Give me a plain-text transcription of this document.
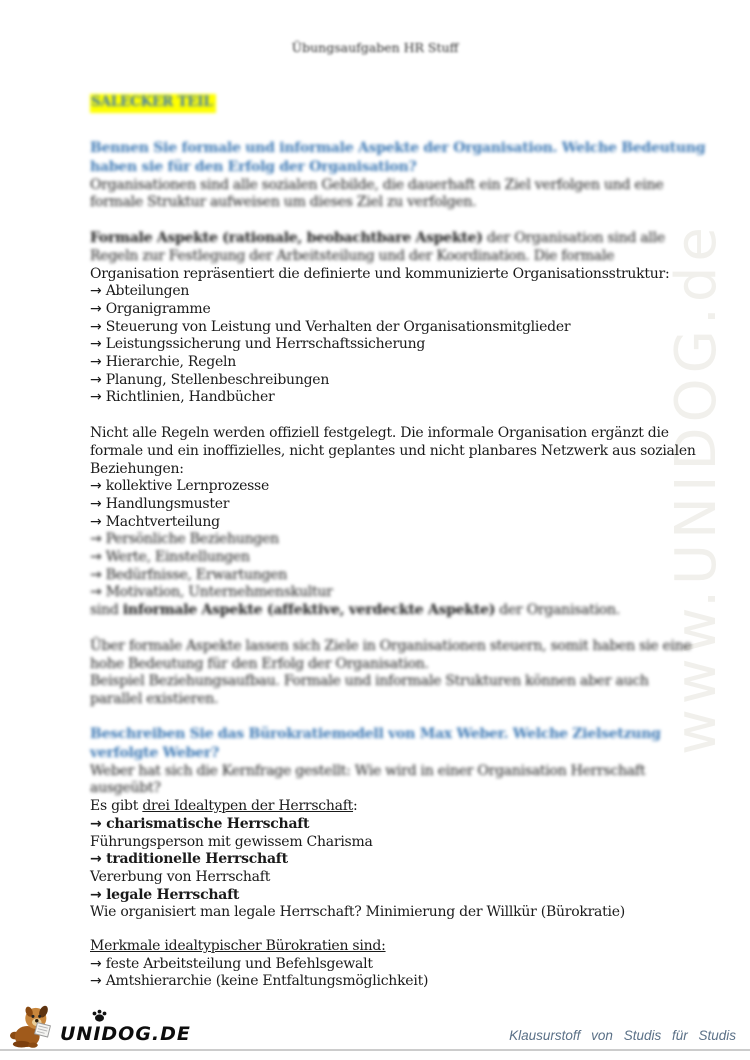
www.UNIDOG.de
Übungsaufgaben HR Stuff
SALECKER TEIL
Bennen Sie formale und informale Aspekte der Organisation. Welche Bedeutung
haben sie für den Erfolg der Organisation?
Organisationen sind alle sozialen Gebilde, die dauerhaft ein Ziel verfolgen und eine
formale Struktur aufweisen um dieses Ziel zu verfolgen.
Formale Aspekte (rationale, beobachtbare Aspekte) der Organisation sind alle
Regeln zur Festlegung der Arbeitsteilung und der Koordination. Die formale
Organisation repräsentiert die definierte und kommunizierte Organisationsstruktur:
→ Abteilungen
→ Organigramme
→ Steuerung von Leistung und Verhalten der Organisationsmitglieder
→ Leistungssicherung und Herrschaftssicherung
→ Hierarchie, Regeln
→ Planung, Stellenbeschreibungen
→ Richtlinien, Handbücher
Nicht alle Regeln werden offiziell festgelegt. Die informale Organisation ergänzt die
formale und ein inoffizielles, nicht geplantes und nicht planbares Netzwerk aus sozialen
Beziehungen:
→ kollektive Lernprozesse
→ Handlungsmuster
→ Machtverteilung
→ Persönliche Beziehungen
→ Werte, Einstellungen
→ Bedürfnisse, Erwartungen
→ Motivation, Unternehmenskultur
sind informale Aspekte (affektive, verdeckte Aspekte) der Organisation.
Über formale Aspekte lassen sich Ziele in Organisationen steuern, somit haben sie eine
hohe Bedeutung für den Erfolg der Organisation.
Beispiel Beziehungsaufbau. Formale und informale Strukturen können aber auch
parallel existieren.
Beschreiben Sie das Bürokratiemodell von Max Weber. Welche Zielsetzung
verfolgte Weber?
Weber hat sich die Kernfrage gestellt: Wie wird in einer Organisation Herrschaft
ausgeübt?
Es gibt drei Idealtypen der Herrschaft:
→ charismatische Herrschaft
Führungsperson mit gewissem Charisma
→ traditionelle Herrschaft
Vererbung von Herrschaft
→ legale Herrschaft
Wie organisiert man legale Herrschaft? Minimierung der Willkür (Bürokratie)
Merkmale idealtypischer Bürokratien sind:
→ feste Arbeitsteilung und Befehlsgewalt
→ Amtshierarchie (keine Entfaltungsmöglichkeit)
UNIDOG.DE	Klausurstoff von Studis für Studis
